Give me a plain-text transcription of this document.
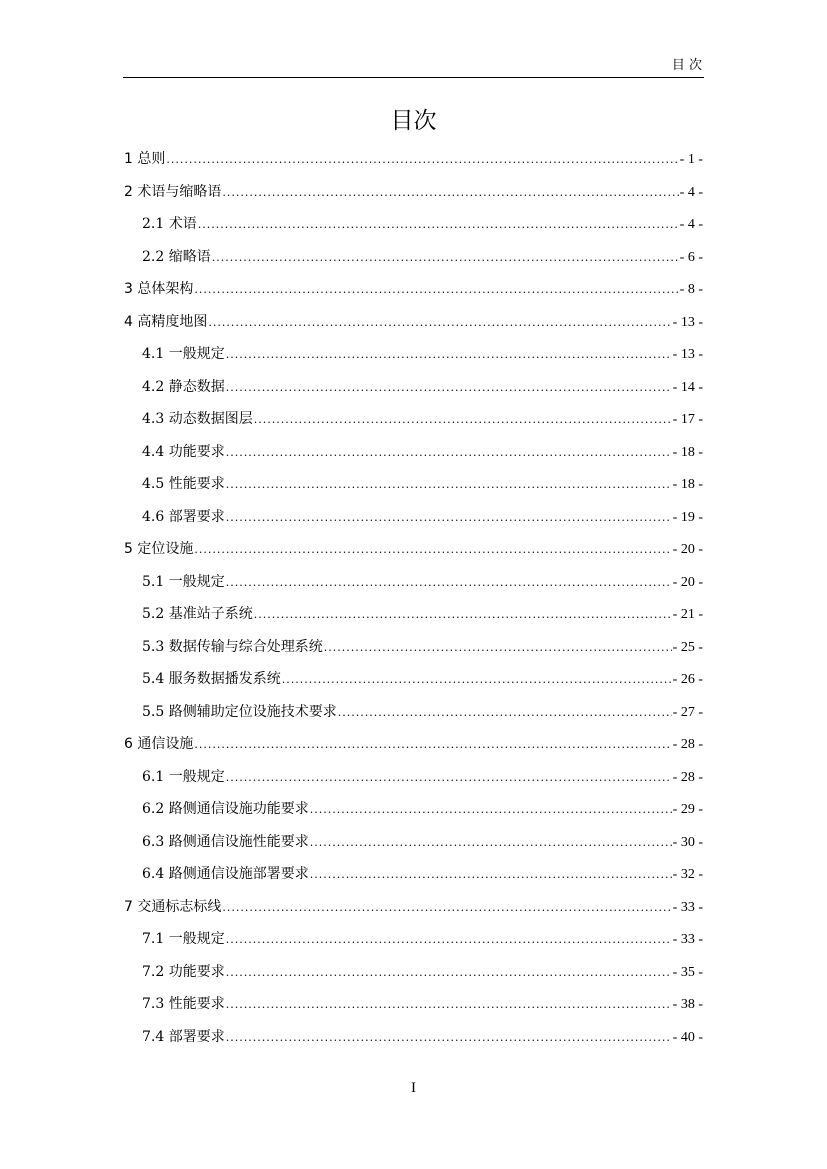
目 次
目次
1 总则 .....	- 1 -
2 术语与缩略语 .....	- 4 -
2.1 术语 .....	- 4 -
2.2 缩略语 .....	- 6 -
3 总体架构 .....	- 8 -
4 高精度地图 .....	- 13 -
4.1 一般规定 .....	- 13 -
4.2 静态数据 .....	- 14 -
4.3 动态数据图层 .....	- 17 -
4.4 功能要求 .....	- 18 -
4.5 性能要求 .....	- 18 -
4.6 部署要求 .....	- 19 -
5 定位设施 .....	- 20 -
5.1 一般规定 .....	- 20 -
5.2 基准站子系统 .....	- 21 -
5.3 数据传输与综合处理系统 .....	- 25 -
5.4 服务数据播发系统 .....	- 26 -
5.5 路侧辅助定位设施技术要求 .....	- 27 -
6 通信设施 .....	- 28 -
6.1 一般规定 .....	- 28 -
6.2 路侧通信设施功能要求 .....	- 29 -
6.3 路侧通信设施性能要求 .....	- 30 -
6.4 路侧通信设施部署要求 .....	- 32 -
7 交通标志标线 .....	- 33 -
7.1 一般规定 .....	- 33 -
7.2 功能要求 .....	- 35 -
7.3 性能要求 .....	- 38 -
7.4 部署要求 .....	- 40 -
I
